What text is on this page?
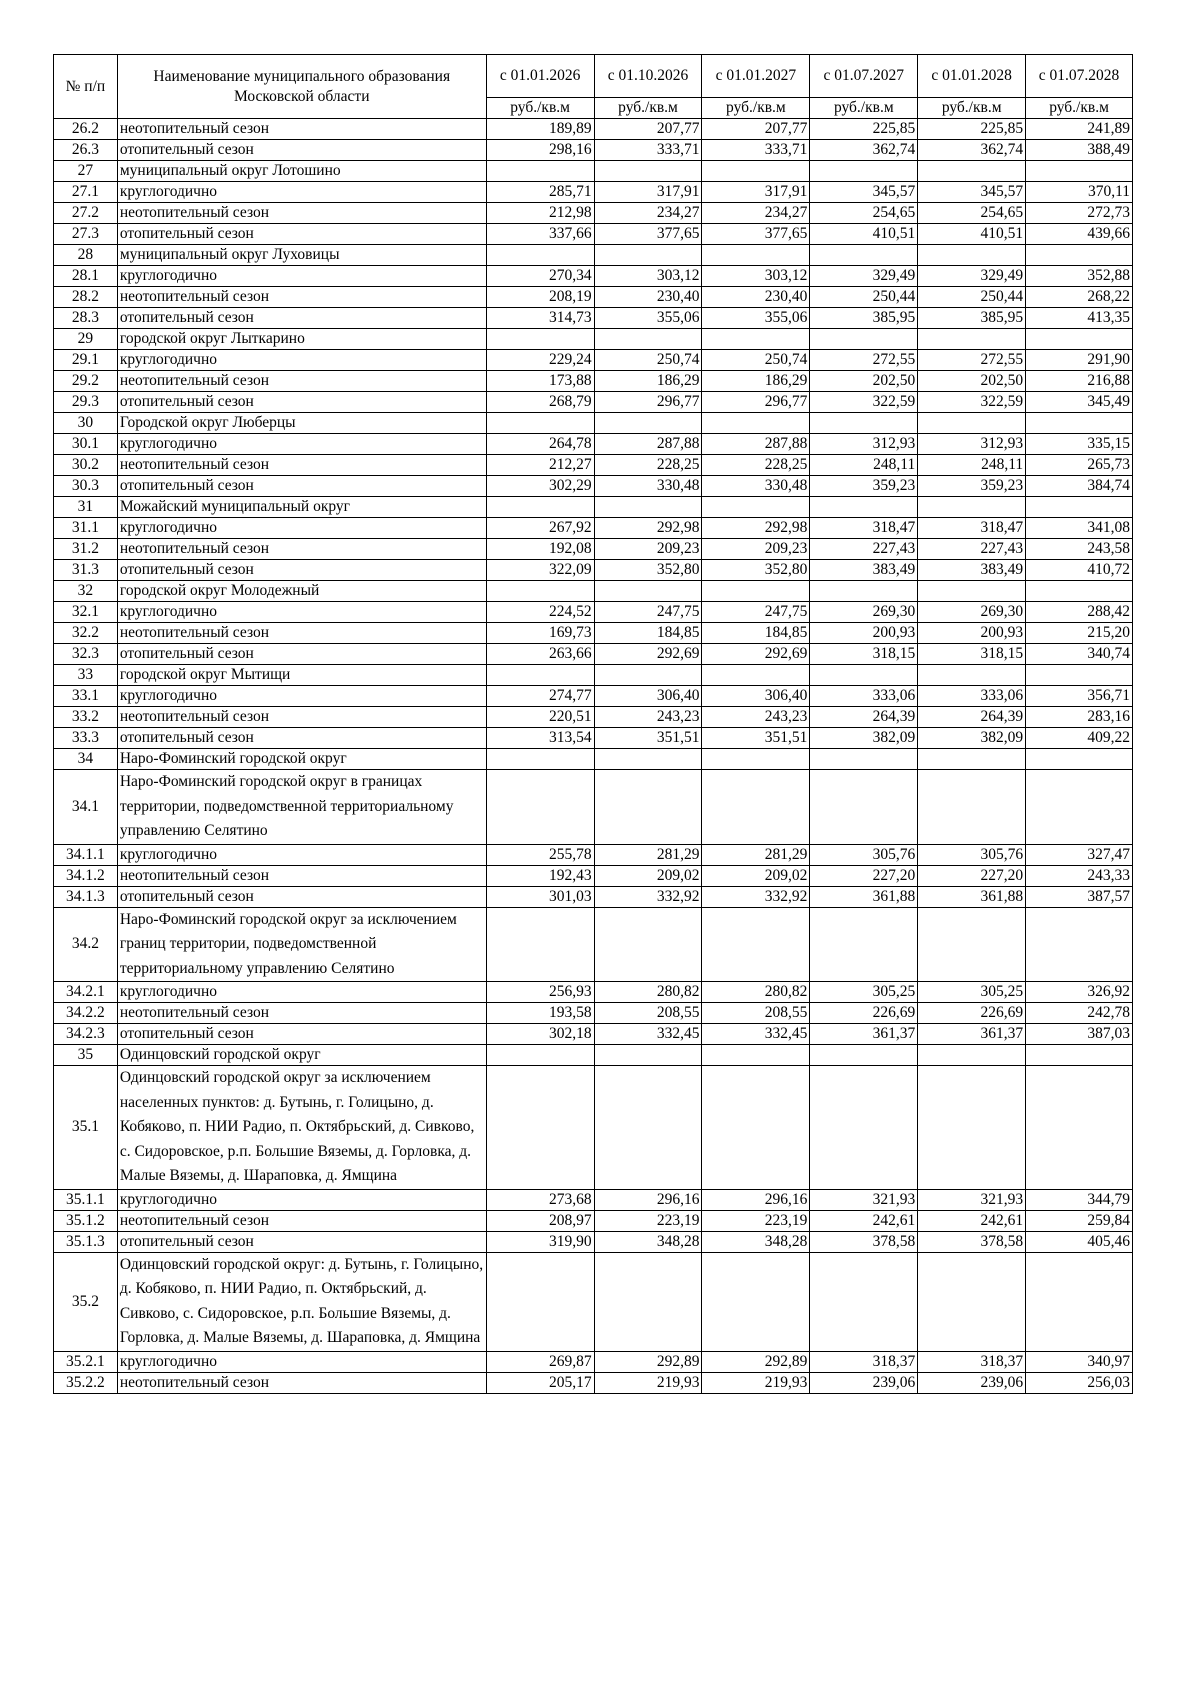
№ п/п	Наименование муниципального образования Московской области	с 01.01.2026	с 01.10.2026	с 01.01.2027	с 01.07.2027	с 01.01.2028	с 01.07.2028
		руб./кв.м	руб./кв.м	руб./кв.м	руб./кв.м	руб./кв.м	руб./кв.м
26.2	неотопительный сезон	189,89	207,77	207,77	225,85	225,85	241,89
26.3	отопительный сезон	298,16	333,71	333,71	362,74	362,74	388,49
27	муниципальный округ Лотошино						
27.1	круглогодично	285,71	317,91	317,91	345,57	345,57	370,11
27.2	неотопительный сезон	212,98	234,27	234,27	254,65	254,65	272,73
27.3	отопительный сезон	337,66	377,65	377,65	410,51	410,51	439,66
28	муниципальный округ Луховицы						
28.1	круглогодично	270,34	303,12	303,12	329,49	329,49	352,88
28.2	неотопительный сезон	208,19	230,40	230,40	250,44	250,44	268,22
28.3	отопительный сезон	314,73	355,06	355,06	385,95	385,95	413,35
29	городской округ Лыткарино						
29.1	круглогодично	229,24	250,74	250,74	272,55	272,55	291,90
29.2	неотопительный сезон	173,88	186,29	186,29	202,50	202,50	216,88
29.3	отопительный сезон	268,79	296,77	296,77	322,59	322,59	345,49
30	Городской округ Люберцы						
30.1	круглогодично	264,78	287,88	287,88	312,93	312,93	335,15
30.2	неотопительный сезон	212,27	228,25	228,25	248,11	248,11	265,73
30.3	отопительный сезон	302,29	330,48	330,48	359,23	359,23	384,74
31	Можайский муниципальный округ						
31.1	круглогодично	267,92	292,98	292,98	318,47	318,47	341,08
31.2	неотопительный сезон	192,08	209,23	209,23	227,43	227,43	243,58
31.3	отопительный сезон	322,09	352,80	352,80	383,49	383,49	410,72
32	городской округ Молодежный						
32.1	круглогодично	224,52	247,75	247,75	269,30	269,30	288,42
32.2	неотопительный сезон	169,73	184,85	184,85	200,93	200,93	215,20
32.3	отопительный сезон	263,66	292,69	292,69	318,15	318,15	340,74
33	городской округ Мытищи						
33.1	круглогодично	274,77	306,40	306,40	333,06	333,06	356,71
33.2	неотопительный сезон	220,51	243,23	243,23	264,39	264,39	283,16
33.3	отопительный сезон	313,54	351,51	351,51	382,09	382,09	409,22
34	Наро-Фоминский городской округ						
34.1	Наро-Фоминский городской округ в границах территории, подведомственной территориальному управлению Селятино						
34.1.1	круглогодично	255,78	281,29	281,29	305,76	305,76	327,47
34.1.2	неотопительный сезон	192,43	209,02	209,02	227,20	227,20	243,33
34.1.3	отопительный сезон	301,03	332,92	332,92	361,88	361,88	387,57
34.2	Наро-Фоминский городской округ за исключением границ территории, подведомственной территориальному управлению Селятино						
34.2.1	круглогодично	256,93	280,82	280,82	305,25	305,25	326,92
34.2.2	неотопительный сезон	193,58	208,55	208,55	226,69	226,69	242,78
34.2.3	отопительный сезон	302,18	332,45	332,45	361,37	361,37	387,03
35	Одинцовский городской округ						
35.1	Одинцовский городской округ за исключением населенных пунктов: д. Бутынь, г. Голицыно, д. Кобяково, п. НИИ Радио, п. Октябрьский, д. Сивково, с. Сидоровское, р.п. Большие Вяземы, д. Горловка, д. Малые Вяземы, д. Шараповка, д. Ямщина						
35.1.1	круглогодично	273,68	296,16	296,16	321,93	321,93	344,79
35.1.2	неотопительный сезон	208,97	223,19	223,19	242,61	242,61	259,84
35.1.3	отопительный сезон	319,90	348,28	348,28	378,58	378,58	405,46
35.2	Одинцовский городской округ: д. Бутынь, г. Голицыно, д. Кобяково, п. НИИ Радио, п. Октябрьский, д. Сивково, с. Сидоровское, р.п. Большие Вяземы, д. Горловка, д. Малые Вяземы, д. Шараповка, д. Ямщина						
35.2.1	круглогодично	269,87	292,89	292,89	318,37	318,37	340,97
35.2.2	неотопительный сезон	205,17	219,93	219,93	239,06	239,06	256,03
